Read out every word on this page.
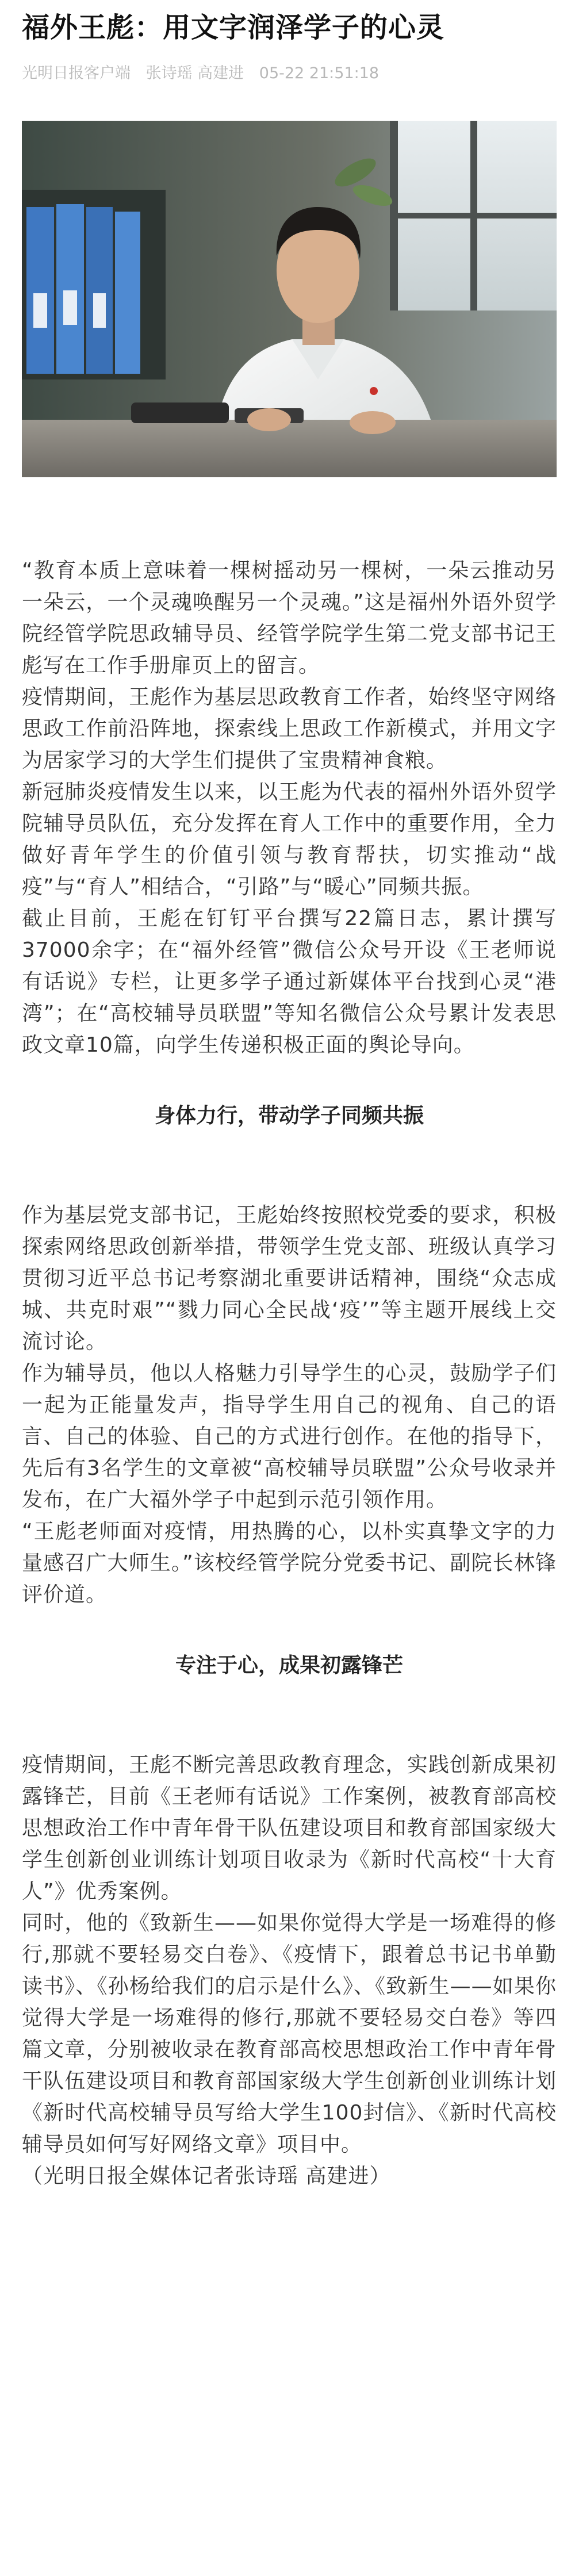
福外王彪：用文字润泽学子的心灵
光明日报客户端 张诗瑶 高建进 05-22 21:51:18

“教育本质上意味着一棵树摇动另一棵树，一朵云推动另一朵云，一个灵魂唤醒另一个灵魂。”这是福州外语外贸学院经管学院思政辅导员、经管学院学生第二党支部书记王彪写在工作手册扉页上的留言。

疫情期间，王彪作为基层思政教育工作者，始终坚守网络思政工作前沿阵地，探索线上思政工作新模式，并用文字为居家学习的大学生们提供了宝贵精神食粮。

新冠肺炎疫情发生以来，以王彪为代表的福州外语外贸学院辅导员队伍，充分发挥在育人工作中的重要作用，全力做好青年学生的价值引领与教育帮扶，切实推动“战疫”与“育人”相结合，“引路”与“暖心”同频共振。

截止目前，王彪在钉钉平台撰写22篇日志，累计撰写37000余字；在“福外经管”微信公众号开设《王老师说有话说》专栏，让更多学子通过新媒体平台找到心灵“港湾”；在“高校辅导员联盟”等知名微信公众号累计发表思政文章10篇，向学生传递积极正面的舆论导向。

身体力行，带动学子同频共振

作为基层党支部书记，王彪始终按照校党委的要求，积极探索网络思政创新举措，带领学生党支部、班级认真学习贯彻习近平总书记考察湖北重要讲话精神，围绕“众志成城、共克时艰”“戮力同心全民战‘疫’”等主题开展线上交流讨论。

作为辅导员，他以人格魅力引导学生的心灵，鼓励学子们一起为正能量发声，指导学生用自己的视角、自己的语言、自己的体验、自己的方式进行创作。在他的指导下，先后有3名学生的文章被“高校辅导员联盟”公众号收录并发布，在广大福外学子中起到示范引领作用。

“王彪老师面对疫情，用热腾的心，以朴实真挚文字的力量感召广大师生。”该校经管学院分党委书记、副院长林锋评价道。

专注于心，成果初露锋芒

疫情期间，王彪不断完善思政教育理念，实践创新成果初露锋芒，目前《王老师有话说》工作案例，被教育部高校思想政治工作中青年骨干队伍建设项目和教育部国家级大学生创新创业训练计划项目收录为《新时代高校“十大育人”》优秀案例。

同时，他的《致新生——如果你觉得大学是一场难得的修行,那就不要轻易交白卷》、《疫情下，跟着总书记书单勤读书》、《孙杨给我们的启示是什么》、《致新生——如果你觉得大学是一场难得的修行,那就不要轻易交白卷》等四篇文章，分别被收录在教育部高校思想政治工作中青年骨干队伍建设项目和教育部国家级大学生创新创业训练计划《新时代高校辅导员写给大学生100封信》、《新时代高校辅导员如何写好网络文章》项目中。

（光明日报全媒体记者张诗瑶 高建进）
